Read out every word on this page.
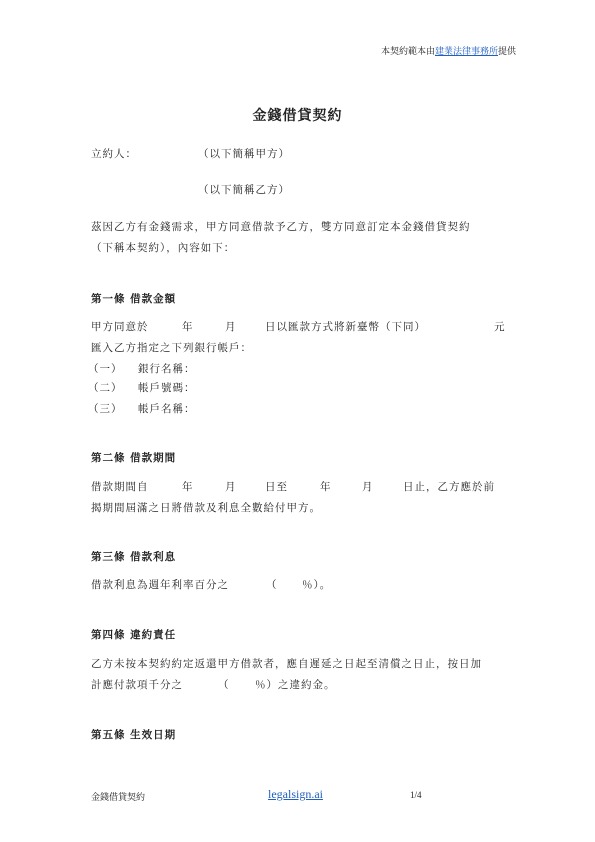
本契約範本由建業法律事務所提供
金錢借貸契約
立約人：	（以下簡稱甲方）
（以下簡稱乙方）
茲因乙方有金錢需求，甲方同意借款予乙方，雙方同意訂定本金錢借貸契約
（下稱本契約），內容如下：
第一條 借款金額
甲方同意於	年	月	日以匯款方式將新臺幣（下同）	元
匯入乙方指定之下列銀行帳戶：
（一） 銀行名稱：
（二） 帳戶號碼：
（三） 帳戶名稱：
第二條 借款期間
借款期間自	年	月	日至	年	月	日止，乙方應於前
揭期間屆滿之日將借款及利息全數給付甲方。
第三條 借款利息
借款利息為週年利率百分之	（ ％）。
第四條 違約責任
乙方未按本契約約定返還甲方借款者，應自遲延之日起至清償之日止，按日加
計應付款項千分之	（ ％）之違約金。
第五條 生效日期
金錢借貸契約	legalsign.ai	1/4
